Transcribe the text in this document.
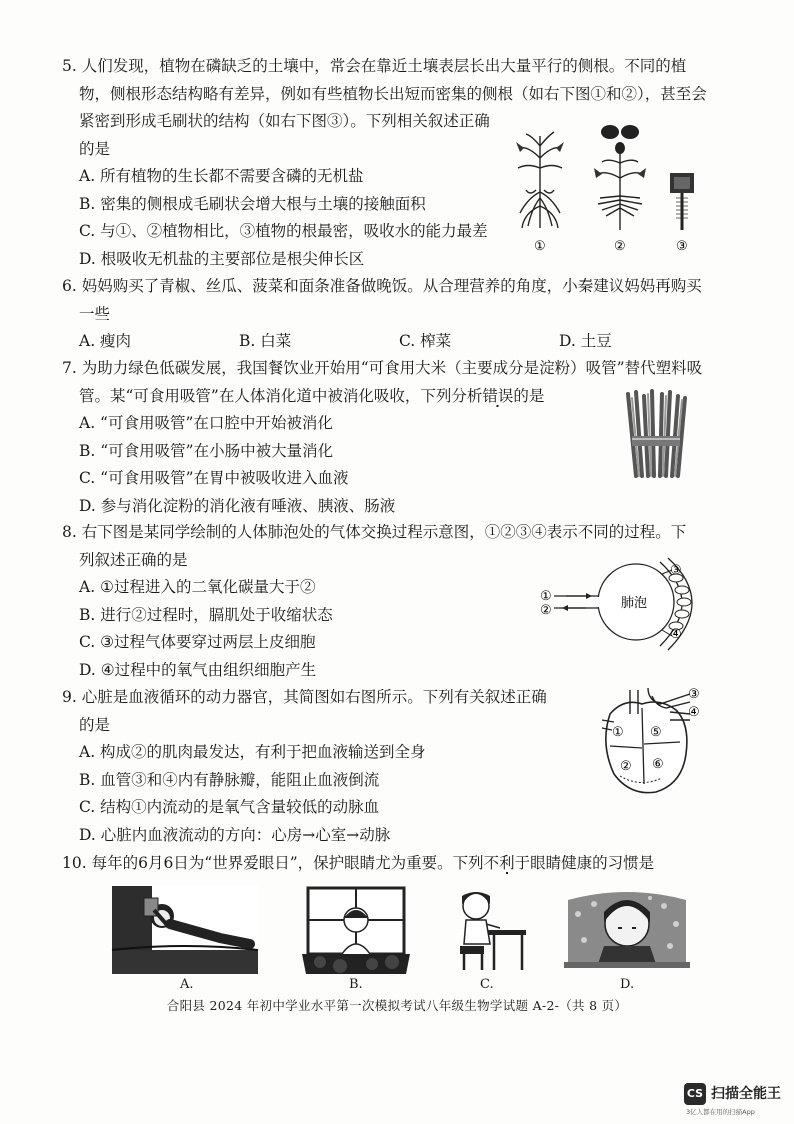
5. 人们发现，植物在磷缺乏的土壤中，常会在靠近土壤表层长出大量平行的侧根。不同的植
物，侧根形态结构略有差异，例如有些植物长出短而密集的侧根（如右下图①和②），甚至会
紧密到形成毛刷状的结构（如右下图③）。下列相关叙述正确
的是
A. 所有植物的生长都不需要含磷的无机盐
B. 密集的侧根成毛刷状会增大根与土壤的接触面积
C. 与①、②植物相比，③植物的根最密，吸收水的能力最差
D. 根吸收无机盐的主要部位是根尖伸长区
①	②	③
6. 妈妈购买了青椒、丝瓜、菠菜和面条准备做晚饭。从合理营养的角度，小秦建议妈妈再购买
一些
A. 瘦肉	B. 白菜	C. 榨菜	D. 土豆
7. 为助力绿色低碳发展，我国餐饮业开始用“可食用大米（主要成分是淀粉）吸管”替代塑料吸
管。某“可食用吸管”在人体消化道中被消化吸收，下列分析错误的是
A. “可食用吸管”在口腔中开始被消化
B. “可食用吸管”在小肠中被大量消化
C. “可食用吸管”在胃中被吸收进入血液
D. 参与消化淀粉的消化液有唾液、胰液、肠液
8. 右下图是某同学绘制的人体肺泡处的气体交换过程示意图，①②③④表示不同的过程。下
列叙述正确的是
A. ①过程进入的二氧化碳量大于②
B. 进行②过程时，膈肌处于收缩状态
C. ③过程气体要穿过两层上皮细胞
D. ④过程中的氧气由组织细胞产生
肺泡
①
②
③
④
9. 心脏是血液循环的动力器官，其简图如右图所示。下列有关叙述正确
的是
A. 构成②的肌肉最发达，有利于把血液输送到全身
B. 血管③和④内有静脉瓣，能阻止血液倒流
C. 结构①内流动的是氧气含量较低的动脉血
D. 心脏内血液流动的方向：心房→心室→动脉
①
②
③
④
⑤
⑥
10. 每年的6月6日为“世界爱眼日”，保护眼睛尤为重要。下列不利于眼睛健康的习惯是
A.	B.	C.	D.
合阳县 2024 年初中学业水平第一次模拟考试八年级生物学试题 A-2-（共 8 页）
CS 扫描全能王
3亿人都在用的扫描App
